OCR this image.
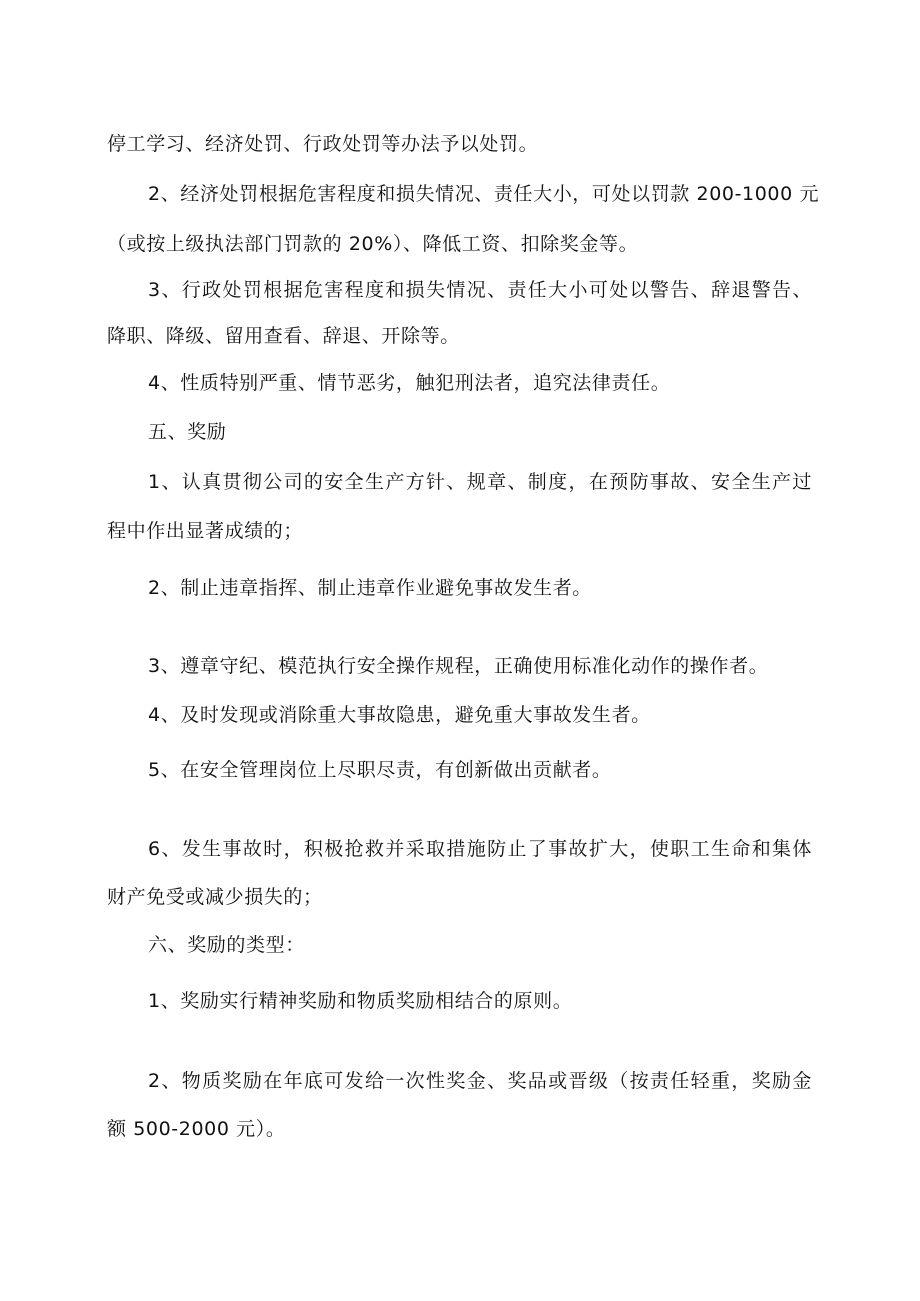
停工学习、经济处罚、行政处罚等办法予以处罚。
2、经济处罚根据危害程度和损失情况、责任大小，可处以罚款 200-1000 元
（或按上级执法部门罚款的 20%）、降低工资、扣除奖金等。
3、行政处罚根据危害程度和损失情况、责任大小可处以警告、辞退警告、
降职、降级、留用查看、辞退、开除等。
4、性质特别严重、情节恶劣，触犯刑法者，追究法律责任。
五、奖励
1、认真贯彻公司的安全生产方针、规章、制度，在预防事故、安全生产过
程中作出显著成绩的；
2、制止违章指挥、制止违章作业避免事故发生者。
3、遵章守纪、模范执行安全操作规程，正确使用标准化动作的操作者。
4、及时发现或消除重大事故隐患，避免重大事故发生者。
5、在安全管理岗位上尽职尽责，有创新做出贡献者。
6、发生事故时，积极抢救并采取措施防止了事故扩大，使职工生命和集体
财产免受或减少损失的；
六、奖励的类型：
1、奖励实行精神奖励和物质奖励相结合的原则。
2、物质奖励在年底可发给一次性奖金、奖品或晋级（按责任轻重，奖励金
额 500-2000 元）。
